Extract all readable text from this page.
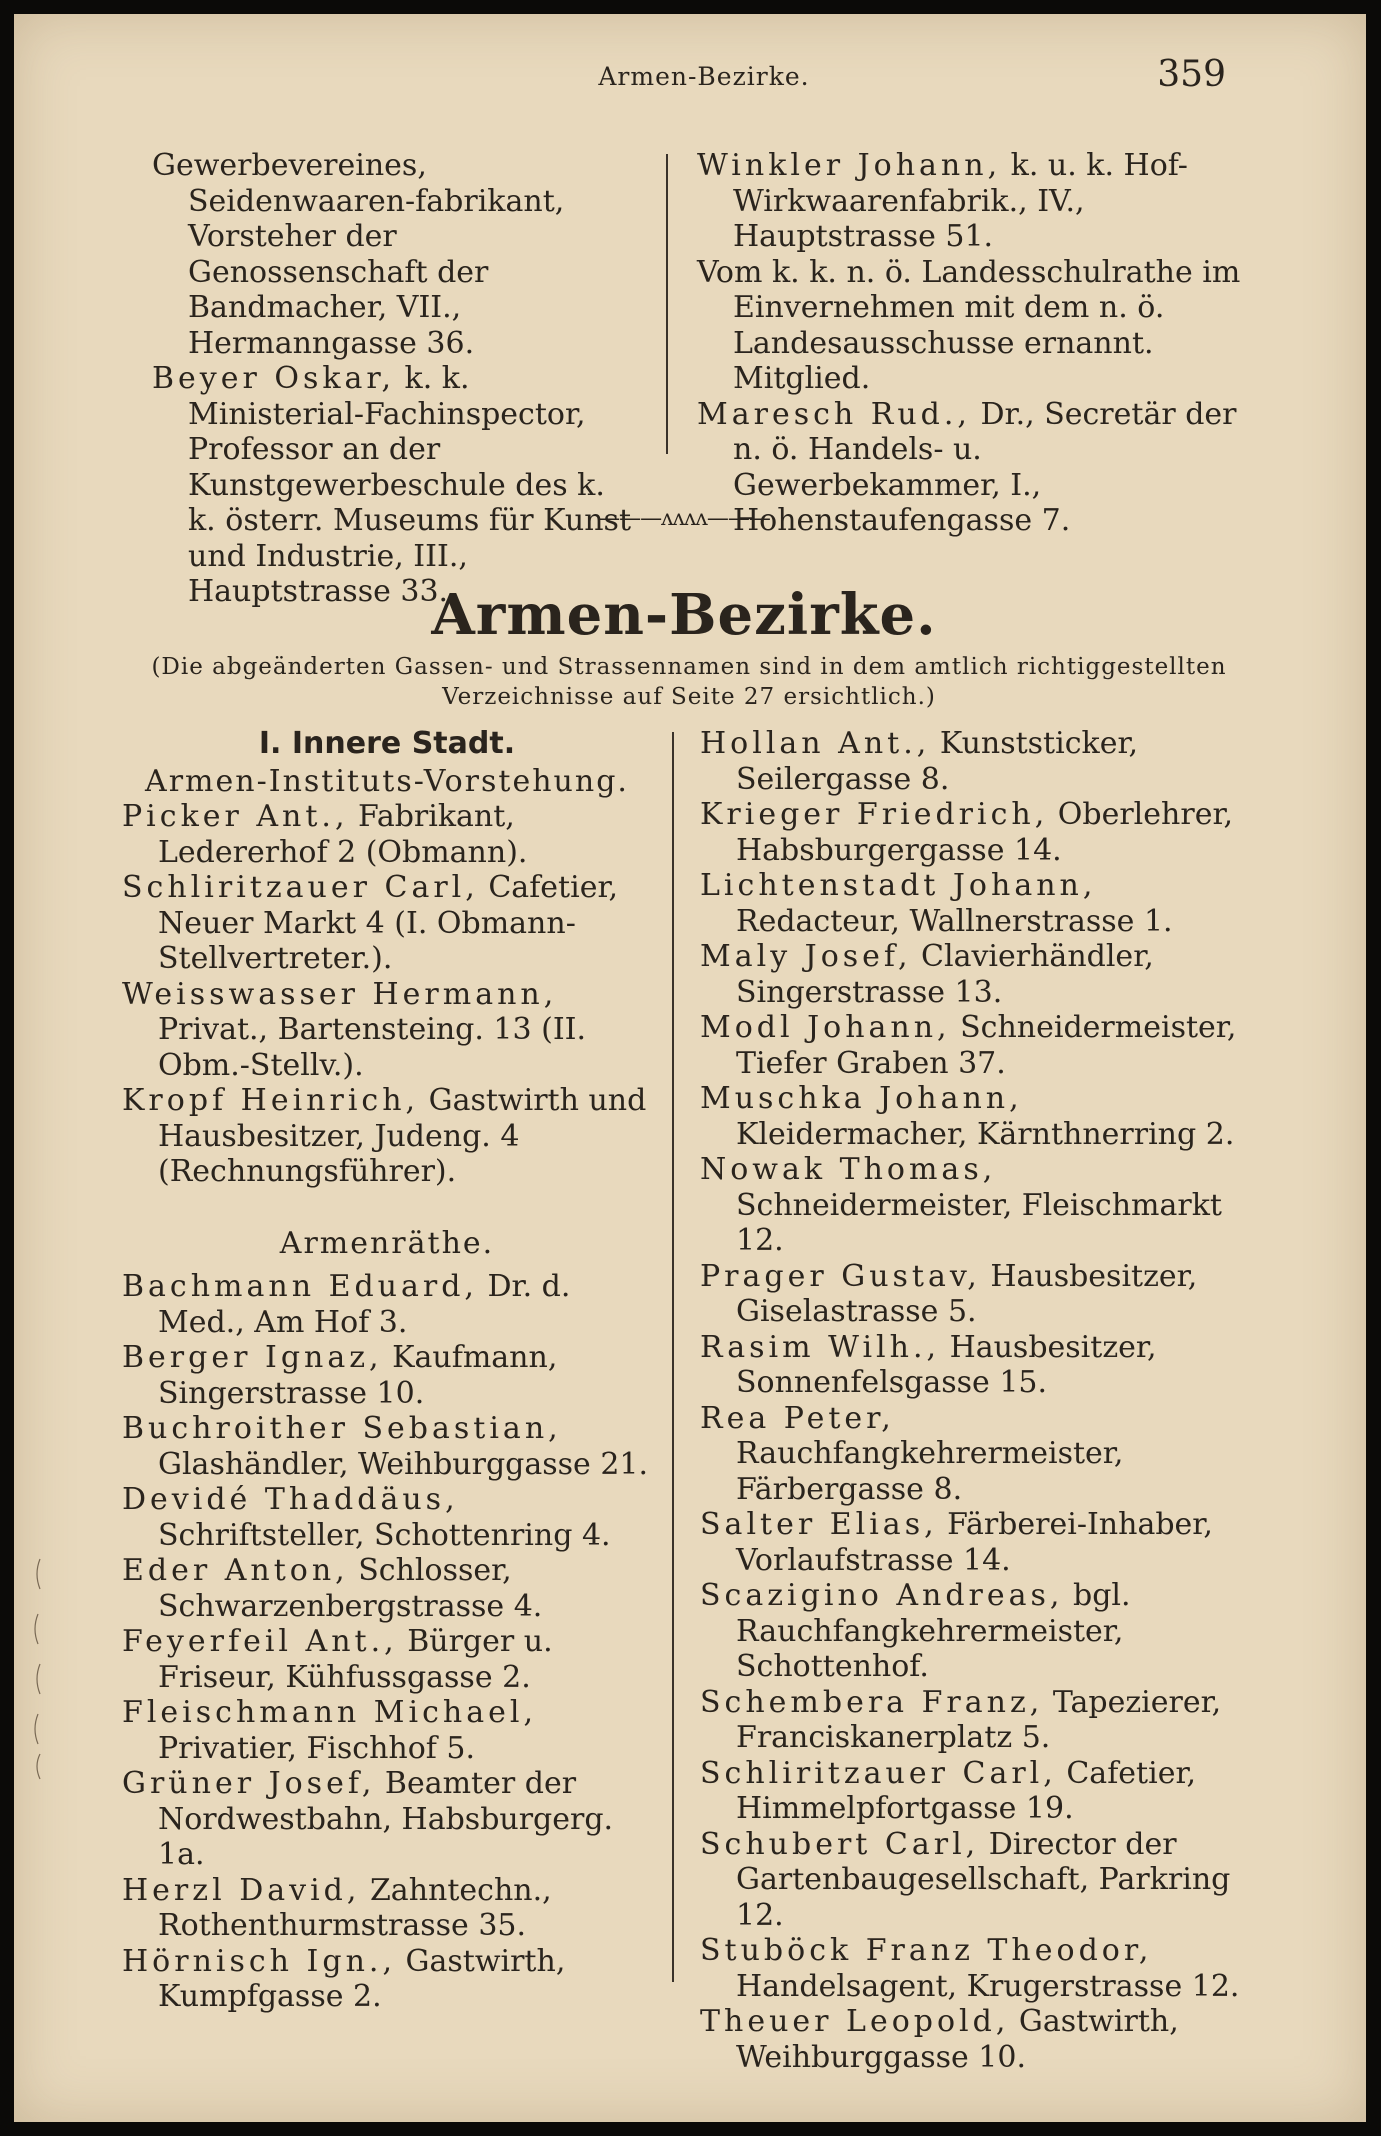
Armen-Bezirke.	359

Gewerbevereines, Seidenwaaren-fabrikant, Vorsteher der Genossenschaft der Bandmacher, VII., Hermanngasse 36.

Beyer Oskar, k. k. Ministerial-Fachinspector, Professor an der Kunstgewerbeschule des k. k. österr. Museums für Kunst und Industrie, III., Hauptstrasse 33.

Winkler Johann, k. u. k. Hof-Wirkwaarenfabrik., IV., Hauptstrasse 51.

Vom k. k. n. ö. Landesschulrathe im Einvernehmen mit dem n. ö. Landesausschusse ernannt. Mitglied.

Maresch Rud., Dr., Secretär der n. ö. Handels- u. Gewerbekammer, I., Hohenstaufengasse 7.

———ᴧᴧᴧᴧ———
Armen-Bezirke.
(Die abgeänderten Gassen- und Strassennamen sind in dem amtlich richtiggestellten Verzeichnisse auf Seite 27 ersichtlich.)

I. Innere Stadt.

Armen-Instituts-Vorstehung.

Picker Ant., Fabrikant, Ledererhof 2 (Obmann).

Schliritzauer Carl, Cafetier, Neuer Markt 4 (I. Obmann-Stellvertreter.).

Weisswasser Hermann, Privat., Bartensteing. 13 (II. Obm.-Stellv.).

Kropf Heinrich, Gastwirth und Hausbesitzer, Judeng. 4 (Rechnungsführer).

Armenräthe.

Bachmann Eduard, Dr. d. Med., Am Hof 3.

Berger Ignaz, Kaufmann, Singerstrasse 10.

Buchroither Sebastian, Glashändler, Weihburggasse 21.

Devidé Thaddäus, Schriftsteller, Schottenring 4.

Eder Anton, Schlosser, Schwarzenbergstrasse 4.

Feyerfeil Ant., Bürger u. Friseur, Kühfussgasse 2.

Fleischmann Michael, Privatier, Fischhof 5.

Grüner Josef, Beamter der Nordwestbahn, Habsburgerg. 1a.

Herzl David, Zahntechn., Rothenthurmstrasse 35.

Hörnisch Ign., Gastwirth, Kumpfgasse 2.

Hollan Ant., Kunststicker, Seilergasse 8.

Krieger Friedrich, Oberlehrer, Habsburgergasse 14.

Lichtenstadt Johann, Redacteur, Wallnerstrasse 1.

Maly Josef, Clavierhändler, Singerstrasse 13.

Modl Johann, Schneidermeister, Tiefer Graben 37.

Muschka Johann, Kleidermacher, Kärnthnerring 2.

Nowak Thomas, Schneidermeister, Fleischmarkt 12.

Prager Gustav, Hausbesitzer, Giselastrasse 5.

Rasim Wilh., Hausbesitzer, Sonnenfelsgasse 15.

Rea Peter, Rauchfangkehrermeister, Färbergasse 8.

Salter Elias, Färberei-Inhaber, Vorlaufstrasse 14.

Scazigino Andreas, bgl. Rauchfangkehrermeister, Schottenhof.

Schembera Franz, Tapezierer, Franciskanerplatz 5.

Schliritzauer Carl, Cafetier, Himmelpfortgasse 19.

Schubert Carl, Director der Gartenbaugesellschaft, Parkring 12.

Stuböck Franz Theodor, Handelsagent, Krugerstrasse 12.

Theuer Leopold, Gastwirth, Weihburggasse 10.
